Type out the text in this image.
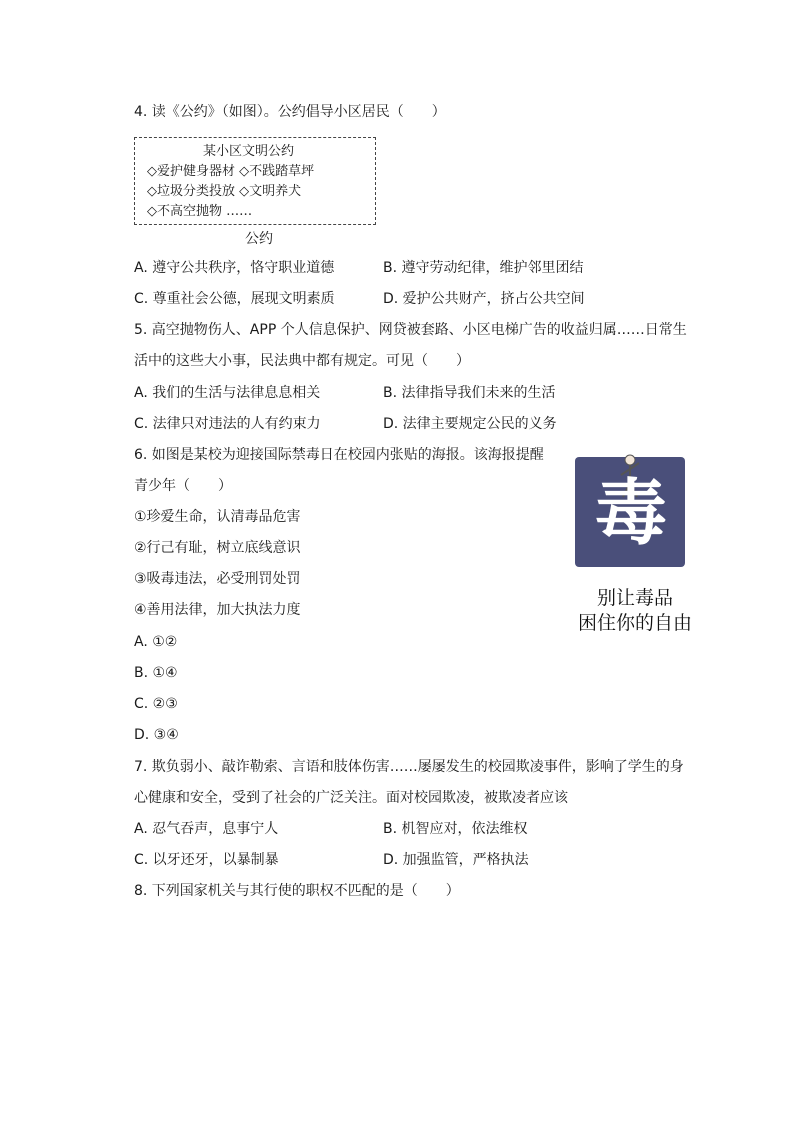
4. 读《公约》（如图）。公约倡导小区居民（　　）
某小区文明公约
◇爱护健身器材 ◇不践踏草坪
◇垃圾分类投放 ◇文明养犬
◇不高空抛物 ……
公约
A. 遵守公共秩序，恪守职业道德	B. 遵守劳动纪律，维护邻里团结
C. 尊重社会公德，展现文明素质	D. 爱护公共财产，挤占公共空间
5. 高空抛物伤人、APP 个人信息保护、网贷被套路、小区电梯广告的收益归属……日常生
活中的这些大小事，民法典中都有规定。可见（　　）
A. 我们的生活与法律息息相关	B. 法律指导我们未来的生活
C. 法律只对违法的人有约束力	D. 法律主要规定公民的义务
6. 如图是某校为迎接国际禁毒日在校园内张贴的海报。该海报提醒
青少年（　　）
①珍爱生命，认清毒品危害
②行己有耻，树立底线意识
③吸毒违法，必受刑罚处罚
④善用法律，加大执法力度
A. ①②
B. ①④
C. ②③
D. ③④
毒
别让毒品
困住你的自由
7. 欺负弱小、敲诈勒索、言语和肢体伤害……屡屡发生的校园欺凌事件，影响了学生的身
心健康和安全，受到了社会的广泛关注。面对校园欺凌，被欺凌者应该
A. 忍气吞声，息事宁人	B. 机智应对，依法维权
C. 以牙还牙，以暴制暴	D. 加强监管，严格执法
8. 下列国家机关与其行使的职权不匹配的是（　　）
